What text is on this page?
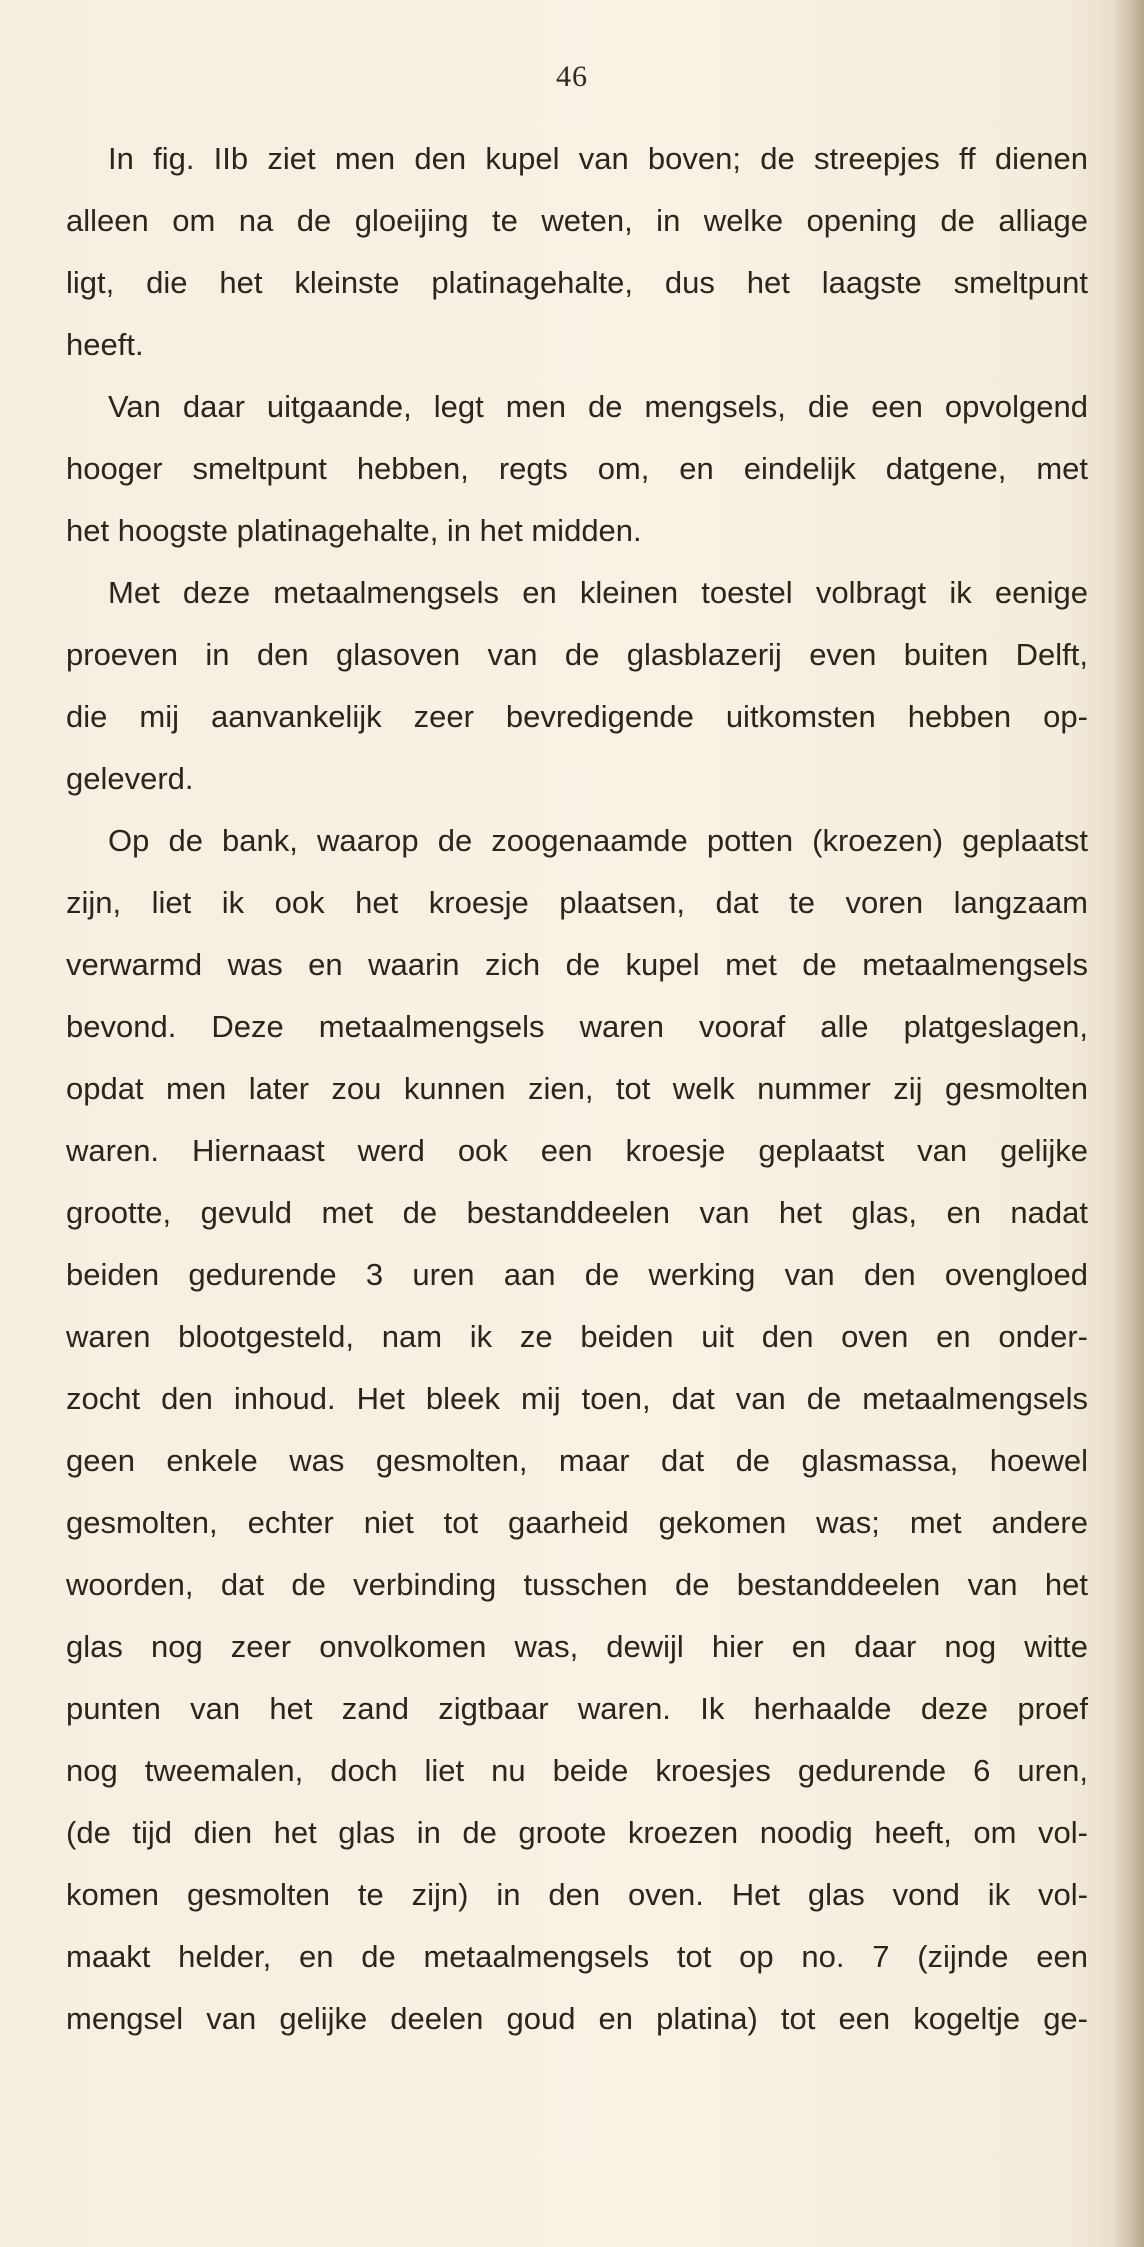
46
In fig. IIb ziet men den kupel van boven; de streepjes ff dienen
alleen om na de gloeijing te weten, in welke opening de alliage
ligt, die het kleinste platinagehalte, dus het laagste smeltpunt
heeft.
Van daar uitgaande, legt men de mengsels, die een opvolgend
hooger smeltpunt hebben, regts om, en eindelijk datgene, met
het hoogste platinagehalte, in het midden.
Met deze metaalmengsels en kleinen toestel volbragt ik eenige
proeven in den glasoven van de glasblazerij even buiten Delft,
die mij aanvankelijk zeer bevredigende uitkomsten hebben op-
geleverd.
Op de bank, waarop de zoogenaamde potten (kroezen) geplaatst
zijn, liet ik ook het kroesje plaatsen, dat te voren langzaam
verwarmd was en waarin zich de kupel met de metaalmengsels
bevond. Deze metaalmengsels waren vooraf alle platgeslagen,
opdat men later zou kunnen zien, tot welk nummer zij gesmolten
waren. Hiernaast werd ook een kroesje geplaatst van gelijke
grootte, gevuld met de bestanddeelen van het glas, en nadat
beiden gedurende 3 uren aan de werking van den ovengloed
waren blootgesteld, nam ik ze beiden uit den oven en onder-
zocht den inhoud. Het bleek mij toen, dat van de metaalmengsels
geen enkele was gesmolten, maar dat de glasmassa, hoewel
gesmolten, echter niet tot gaarheid gekomen was; met andere
woorden, dat de verbinding tusschen de bestanddeelen van het
glas nog zeer onvolkomen was, dewijl hier en daar nog witte
punten van het zand zigtbaar waren. Ik herhaalde deze proef
nog tweemalen, doch liet nu beide kroesjes gedurende 6 uren,
(de tijd dien het glas in de groote kroezen noodig heeft, om vol-
komen gesmolten te zijn) in den oven. Het glas vond ik vol-
maakt helder, en de metaalmengsels tot op no. 7 (zijnde een
mengsel van gelijke deelen goud en platina) tot een kogeltje ge-
